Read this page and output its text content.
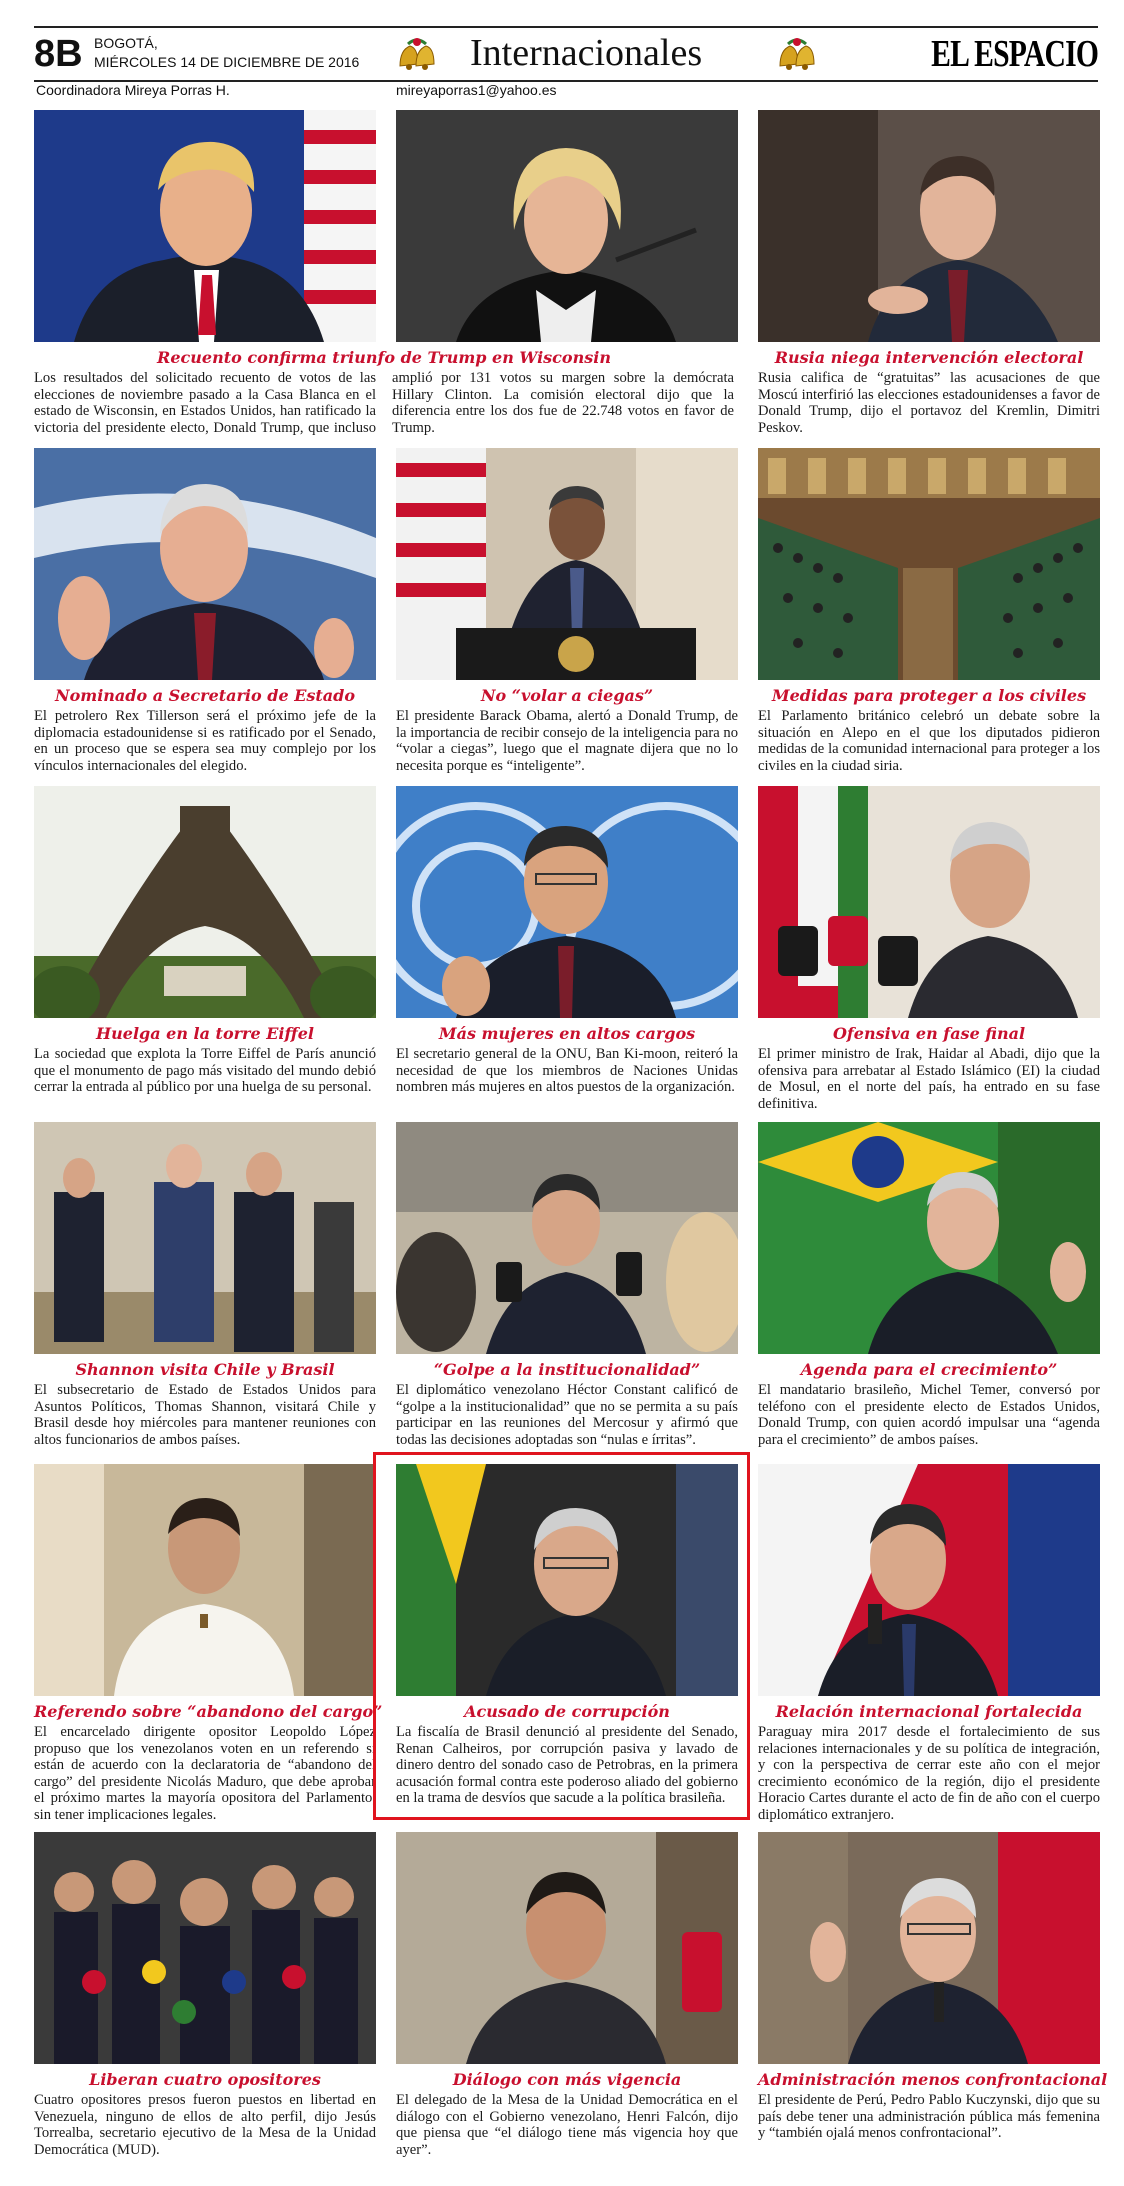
8B BOGOTÁ,
MIÉRCOLES 14 DE DICIEMBRE DE 2016	Internacionales	EL ESPACIO
Coordinadora Mireya Porras H.	mireyaporras1@yahoo.es
Recuento confirma triunfo de Trump en Wisconsin

Los resultados del solicitado recuento de votos de las elecciones de noviembre pasado a la Casa Blanca en el estado de Wisconsin, en Estados Unidos, han ratificado la victoria del presidente electo, Donald Trump, que incluso amplió por 131 votos su margen sobre la demócrata Hillary Clinton. La comisión electoral dijo que la diferencia entre los dos fue de 22.748 votos en favor de Trump.

Rusia niega intervención electoral

Rusia califica de “gratuitas” las acusaciones de que Moscú interfirió las elecciones estadounidenses a favor de Donald Trump, dijo el portavoz del Kremlin, Dimitri Peskov.

Nominado a Secretario de Estado

El petrolero Rex Tillerson será el próximo jefe de la diplomacia estadounidense si es ratificado por el Senado, en un proceso que se espera sea muy complejo por los vínculos internacionales del elegido.

No “volar a ciegas”

El presidente Barack Obama, alertó a Donald Trump, de la importancia de recibir consejo de la inteligencia para no “volar a ciegas”, luego que el magnate dijera que no lo necesita porque es “inteligente”.

Medidas para proteger a los civiles

El Parlamento británico celebró un debate sobre la situación en Alepo en el que los diputados pidieron medidas de la comunidad internacional para proteger a los civiles en la ciudad siria.

Huelga en la torre Eiffel

La sociedad que explota la Torre Eiffel de París anunció que el monumento de pago más visitado del mundo debió cerrar la entrada al público por una huelga de su personal.

Más mujeres en altos cargos

El secretario general de la ONU, Ban Ki-moon, reiteró la necesidad de que los miembros de Naciones Unidas nombren más mujeres en altos puestos de la organización.

Ofensiva en fase final

El primer ministro de Irak, Haidar al Abadi, dijo que la ofensiva para arrebatar al Estado Islámico (EI) la ciudad de Mosul, en el norte del país, ha entrado en su fase definitiva.

Shannon visita Chile y Brasil

El subsecretario de Estado de Estados Unidos para Asuntos Políticos, Thomas Shannon, visitará Chile y Brasil desde hoy miércoles para mantener reuniones con altos funcionarios de ambos países.

“Golpe a la institucionalidad”

El diplomático venezolano Héctor Constant calificó de “golpe a la institucionalidad” que no se permita a su país participar en las reuniones del Mercosur y afirmó que todas las decisiones adoptadas son “nulas e írritas”.

Agenda para el crecimiento”

El mandatario brasileño, Michel Temer, conversó por teléfono con el presidente electo de Estados Unidos, Donald Trump, con quien acordó impulsar una “agenda para el crecimiento” de ambos países.

Referendo sobre “abandono del cargo”

El encarcelado dirigente opositor Leopoldo López propuso que los venezolanos voten en un referendo si están de acuerdo con la declaratoria de “abandono del cargo” del presidente Nicolás Maduro, que debe aprobar el próximo martes la mayoría opositora del Parlamento, sin tener implicaciones legales.

Acusado de corrupción

La fiscalía de Brasil denunció al presidente del Senado, Renan Calheiros, por corrupción pasiva y lavado de dinero dentro del sonado caso de Petrobras, en la primera acusación formal contra este poderoso aliado del gobierno en la trama de desvíos que sacude a la política brasileña.

Relación internacional fortalecida

Paraguay mira 2017 desde el fortalecimiento de sus relaciones internacionales y de su política de integración, y con la perspectiva de cerrar este año con el mejor crecimiento económico de la región, dijo el presidente Horacio Cartes durante el acto de fin de año con el cuerpo diplomático extranjero.

Liberan cuatro opositores

Cuatro opositores presos fueron puestos en libertad en Venezuela, ninguno de ellos de alto perfil, dijo Jesús Torrealba, secretario ejecutivo de la Mesa de la Unidad Democrática (MUD).

Diálogo con más vigencia

El delegado de la Mesa de la Unidad Democrática en el diálogo con el Gobierno venezolano, Henri Falcón, dijo que piensa que “el diálogo tiene más vigencia hoy que ayer”.

Administración menos confrontacional

El presidente de Perú, Pedro Pablo Kuczynski, dijo que su país debe tener una administración pública más femenina y “también ojalá menos confrontacional”.
